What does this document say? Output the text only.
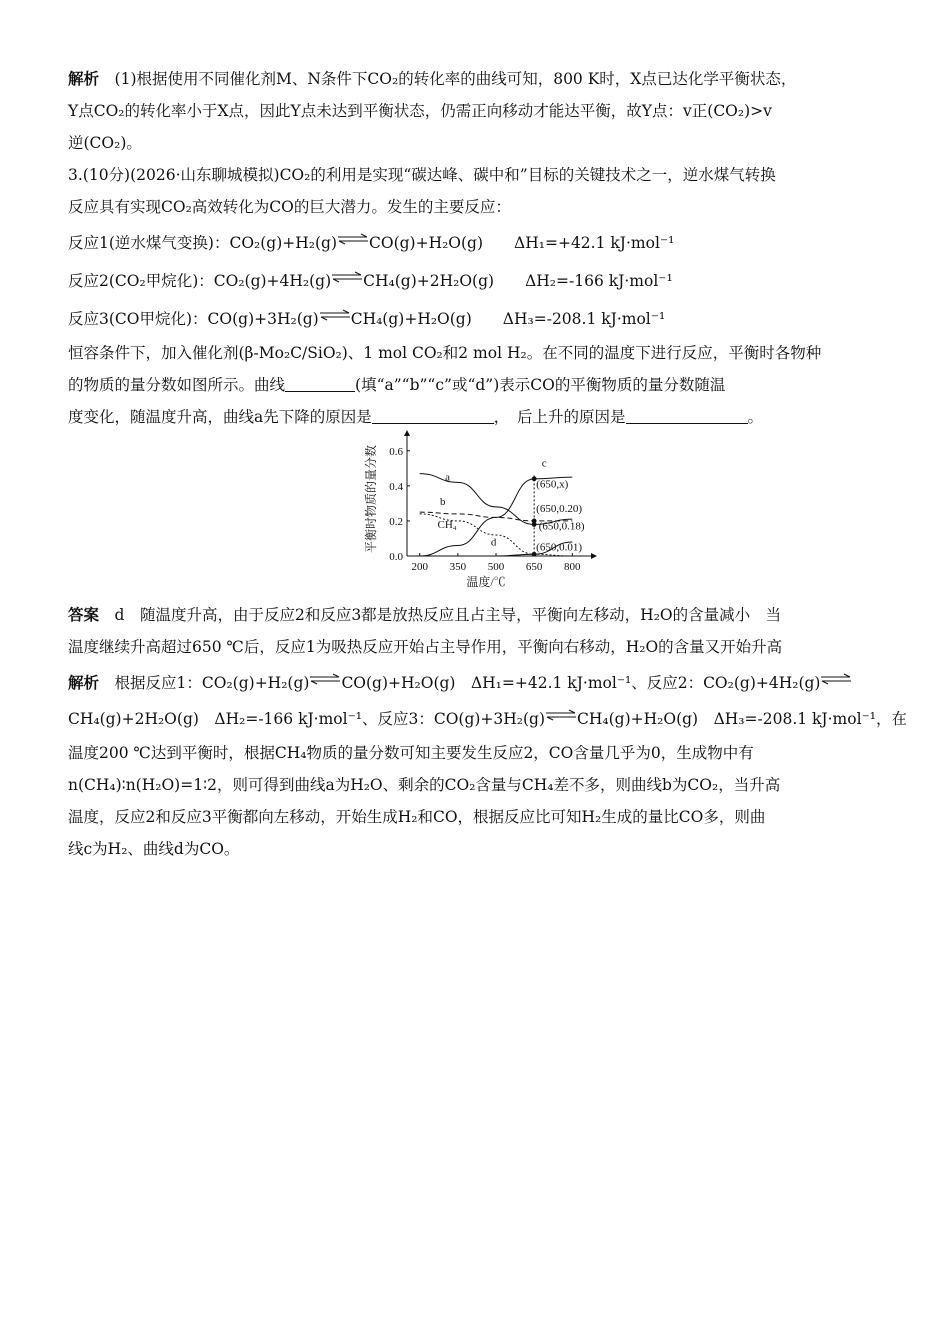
解析　 (1)根据使用不同催化剂M、N条件下CO₂的转化率的曲线可知，800 K时，X点已达化学平衡状态，
Y点CO₂的转化率小于X点，因此Y点未达到平衡状态，仍需正向移动才能达平衡，故Y点：v正(CO₂)>v
逆(CO₂)。
3.(10分)(2026·山东聊城模拟)CO₂的利用是实现“碳达峰、碳中和”目标的关键技术之一，逆水煤气转换
反应具有实现CO₂高效转化为CO的巨大潜力。发生的主要反应：
反应1(逆水煤气变换)：CO₂(g)+H₂(g)⇌CO(g)+H₂O(g)　　 ΔH₁=+42.1 kJ·mol⁻¹
反应2(CO₂甲烷化)：CO₂(g)+4H₂(g)⇌CH₄(g)+2H₂O(g)　　 ΔH₂=-166 kJ·mol⁻¹
反应3(CO甲烷化)：CO(g)+3H₂(g)⇌CH₄(g)+H₂O(g)　　 ΔH₃=-208.1 kJ·mol⁻¹
恒容条件下，加入催化剂(β-Mo₂C/SiO₂)、1 mol CO₂和2 mol H₂。在不同的温度下进行反应，平衡时各物种
的物质的量分数如图所示。曲线	(填“a”“b”“c”或“d”)表示CO的平衡物质的量分数随温
度变化，随温度升高，曲线a先下降的原因是	，　后上升的原因是	。
0.0
0.2
0.4
0.6
200 350 500 650 800
温度/℃
平衡时物质的量分数	a
b
CH₄
c
d
(650,x)
(650,0.20)
(650,0.18)
(650,0.01)
答案　 d　随温度升高，由于反应2和反应3都是放热反应且占主导，平衡向左移动，H₂O的含量减小　当
温度继续升高超过650 ℃后，反应1为吸热反应开始占主导作用，平衡向右移动，H₂O的含量又开始升高
解析　 根据反应1：CO₂(g)+H₂(g)⇌CO(g)+H₂O(g)　ΔH₁=+42.1 kJ·mol⁻¹、反应2：CO₂(g)+4H₂(g)⇌
CH₄(g)+2H₂O(g)　ΔH₂=-166 kJ·mol⁻¹、反应3：CO(g)+3H₂(g)⇌CH₄(g)+H₂O(g)　ΔH₃=-208.1 kJ·mol⁻¹，在
温度200 ℃达到平衡时，根据CH₄物质的量分数可知主要发生反应2，CO含量几乎为0，生成物中有
n(CH₄)∶n(H₂O)=1∶2，则可得到曲线a为H₂O、剩余的CO₂含量与CH₄差不多，则曲线b为CO₂，当升高
温度，反应2和反应3平衡都向左移动，开始生成H₂和CO，根据反应比可知H₂生成的量比CO多，则曲
线c为H₂、曲线d为CO。
